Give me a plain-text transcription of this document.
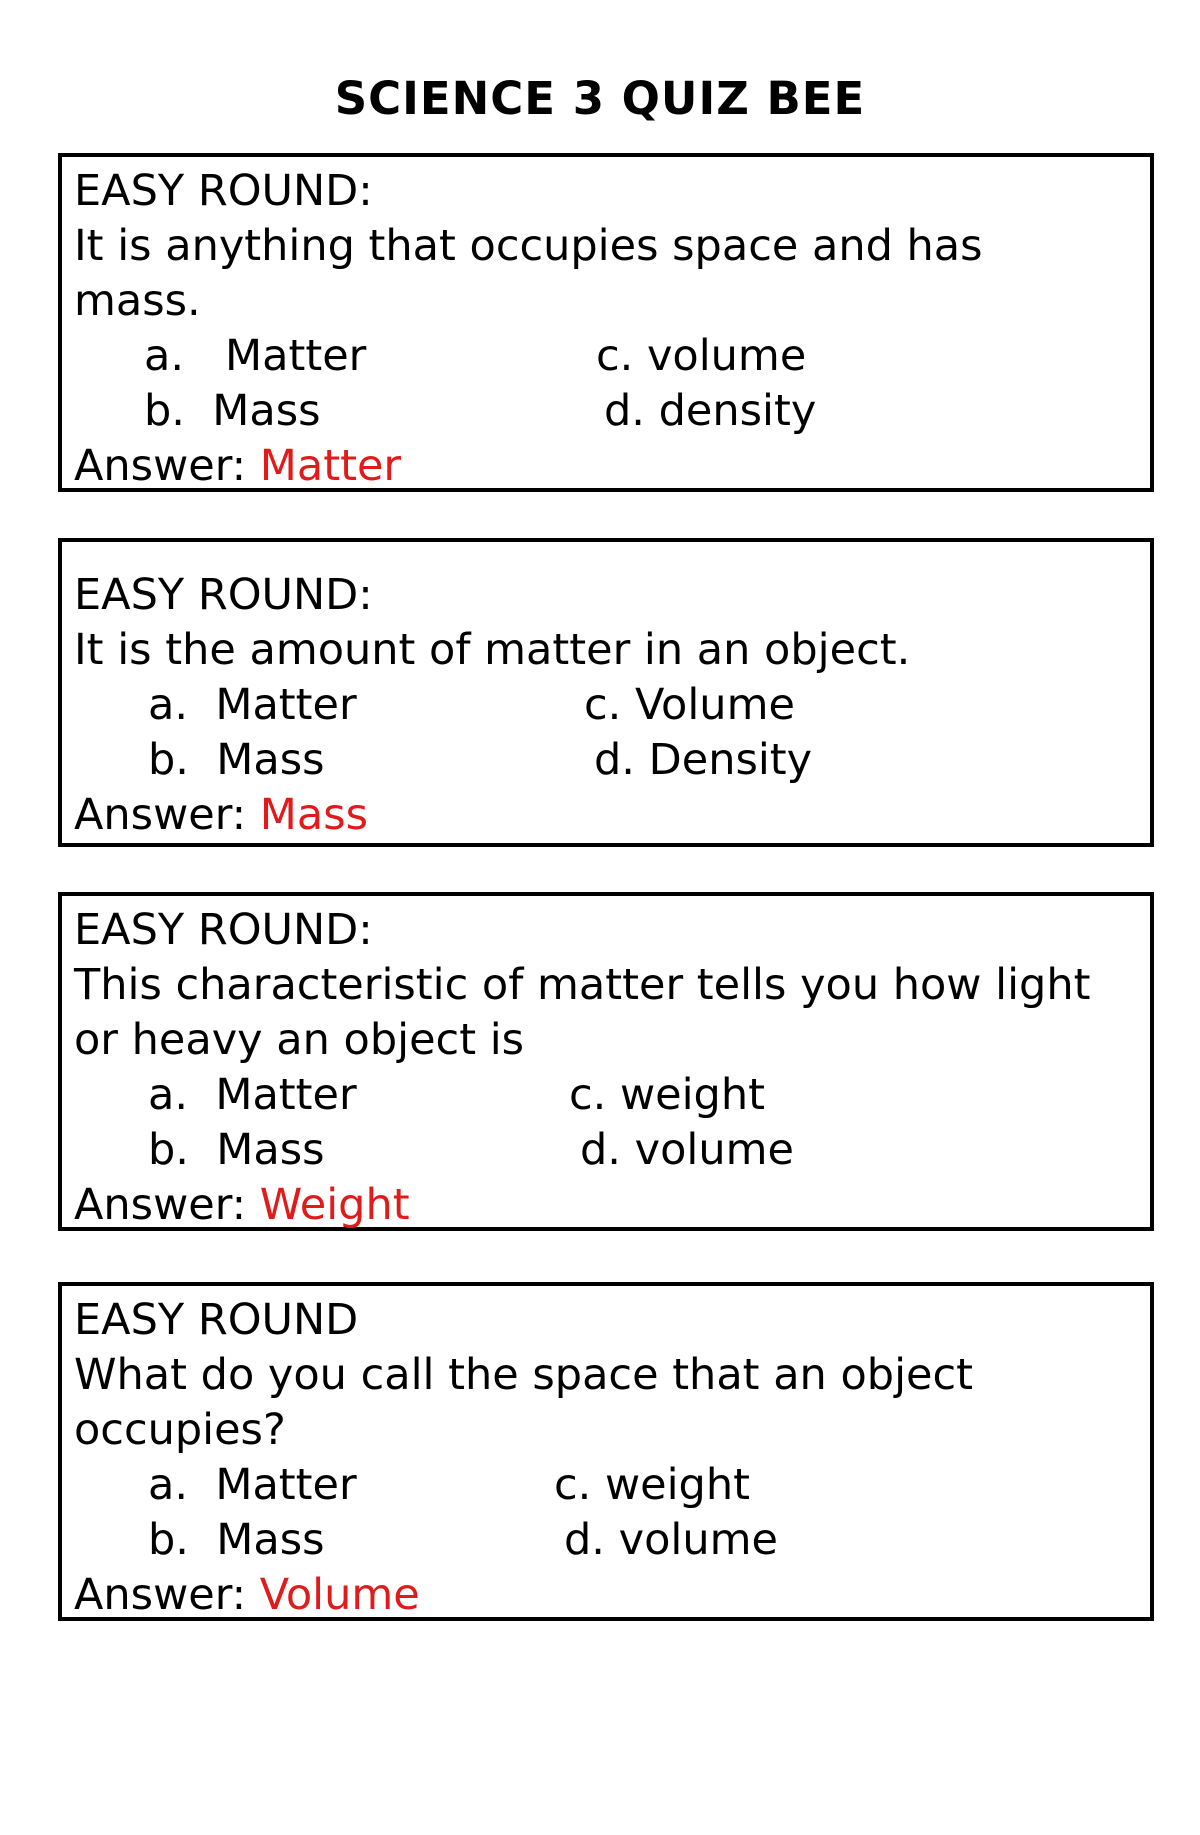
SCIENCE 3 QUIZ BEE
EASY ROUND:
It is anything that occupies space and has mass.
a.   Matter	c. volume
b.  Mass	d. density
Answer: Matter
EASY ROUND:
It is the amount of matter in an object.
a.  Matter	c. Volume
b.  Mass	d. Density
Answer: Mass
EASY ROUND:
This characteristic of matter tells you how light or heavy an object is
a.  Matter	c. weight
b.  Mass	d. volume
Answer: Weight
EASY ROUND
What do you call the space that an object occupies?
a.  Matter	c. weight
b.  Mass	d. volume
Answer: Volume
